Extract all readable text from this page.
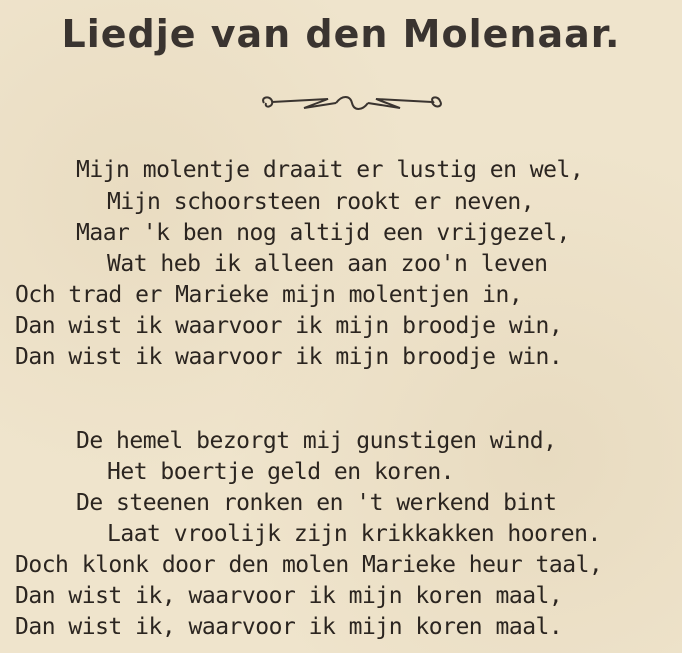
Liedje van den Molenaar.
Mijn molentje draait er lustig en wel,
Mijn schoorsteen rookt er neven,
Maar 'k ben nog altijd een vrijgezel,
Wat heb ik alleen aan zoo'n leven
Och trad er Marieke mijn molentjen in,
Dan wist ik waarvoor ik mijn broodje win,
Dan wist ik waarvoor ik mijn broodje win.
De hemel bezorgt mij gunstigen wind,
Het boertje geld en koren.
De steenen ronken en 't werkend bint
Laat vroolijk zijn krikkakken hooren.
Doch klonk door den molen Marieke heur taal,
Dan wist ik, waarvoor ik mijn koren maal,
Dan wist ik, waarvoor ik mijn koren maal.
